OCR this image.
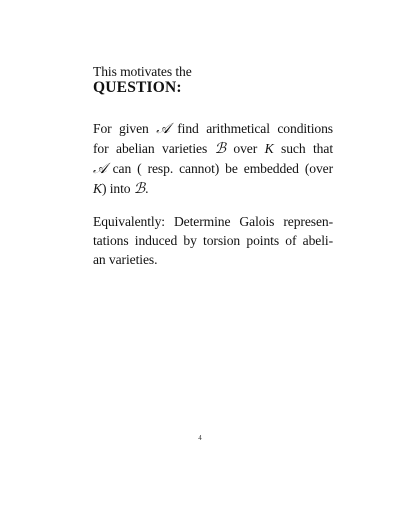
This motivates the
QUESTION:
For given 𝒜 find arithmetical conditions
for abelian varieties ℬ over K such that
𝒜 can ( resp. cannot) be embedded (over
K) into ℬ.
Equivalently: Determine Galois represen-
tations induced by torsion points of abeli-
an varieties.
4
